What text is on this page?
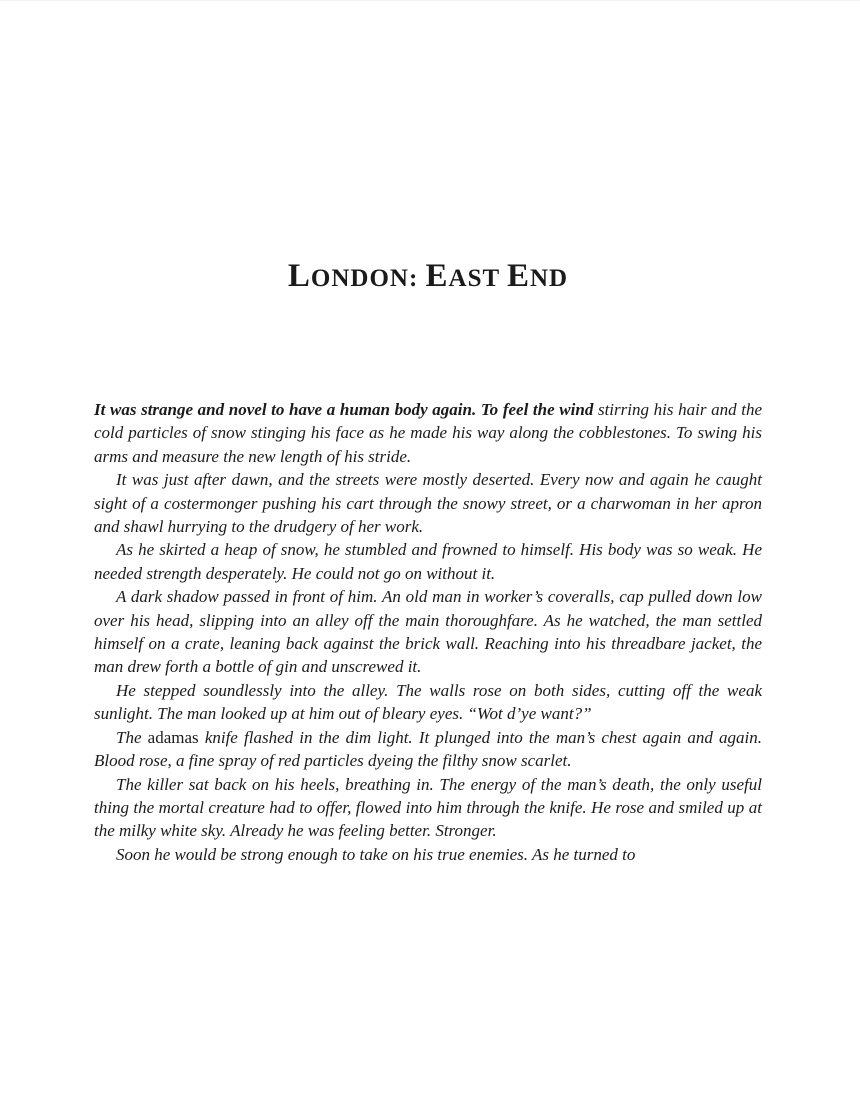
LONDON: EAST END

It was strange and novel to have a human body again. To feel the wind stirring his hair and the cold particles of snow stinging his face as he made his way along the cobblestones. To swing his arms and measure the new length of his stride.

It was just after dawn, and the streets were mostly deserted. Every now and again he caught sight of a costermonger pushing his cart through the snowy street, or a charwoman in her apron and shawl hurrying to the drudgery of her work.

As he skirted a heap of snow, he stumbled and frowned to himself. His body was so weak. He needed strength desperately. He could not go on without it.

A dark shadow passed in front of him. An old man in worker’s coveralls, cap pulled down low over his head, slipping into an alley off the main thoroughfare. As he watched, the man settled himself on a crate, leaning back against the brick wall. Reaching into his threadbare jacket, the man drew forth a bottle of gin and unscrewed it.

He stepped soundlessly into the alley. The walls rose on both sides, cutting off the weak sunlight. The man looked up at him out of bleary eyes. “Wot d’ye want?”

The adamas knife flashed in the dim light. It plunged into the man’s chest again and again. Blood rose, a fine spray of red particles dyeing the filthy snow scarlet.

The killer sat back on his heels, breathing in. The energy of the man’s death, the only useful thing the mortal creature had to offer, flowed into him through the knife. He rose and smiled up at the milky white sky. Already he was feeling better. Stronger.

Soon he would be strong enough to take on his true enemies. As he turned to
